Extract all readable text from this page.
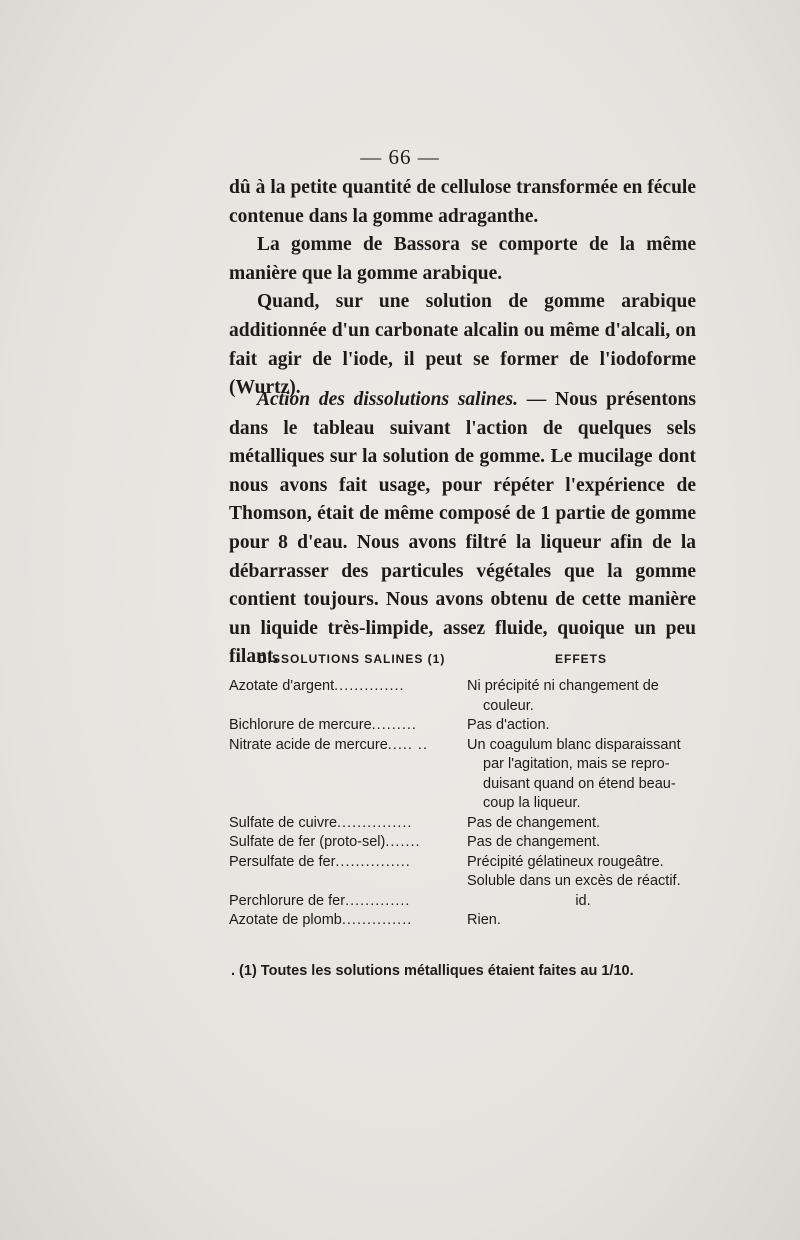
— 66 —

dû à la petite quantité de cellulose transformée en fécule contenue dans la gomme adraganthe.

La gomme de Bassora se comporte de la même manière que la gomme arabique.

Quand, sur une solution de gomme arabique additionnée d'un carbonate alcalin ou même d'alcali, on fait agir de l'iode, il peut se former de l'iodoforme (Wurtz).

Action des dissolutions salines. — Nous présentons dans le tableau suivant l'action de quelques sels métalliques sur la solution de gomme. Le mucilage dont nous avons fait usage, pour répéter l'expérience de Thomson, était de même composé de 1 partie de gomme pour 8 d'eau. Nous avons filtré la liqueur afin de la débarrasser des particules végétales que la gomme contient toujours. Nous avons obtenu de cette manière un liquide très-limpide, assez fluide, quoique un peu filant.

DISSOLUTIONS SALINES (1)	EFFETS
Azotate d'argent..............	Ni précipité ni changement de
couleur.
Bichlorure de mercure.........	Pas d'action.
Nitrate acide de mercure..... ..	Un coagulum blanc disparaissant
par l'agitation, mais se repro-
duisant quand on étend beau-
coup la liqueur.
Sulfate de cuivre...............	Pas de changement.
Sulfate de fer (proto-sel).......	Pas de changement.
Persulfate de fer...............	Précipité gélatineux rougeâtre.
Soluble dans un excès de réactif.
Perchlorure de fer.............	id.
Azotate de plomb..............	Rien.
. (1) Toutes les solutions métalliques étaient faites au 1/10.
